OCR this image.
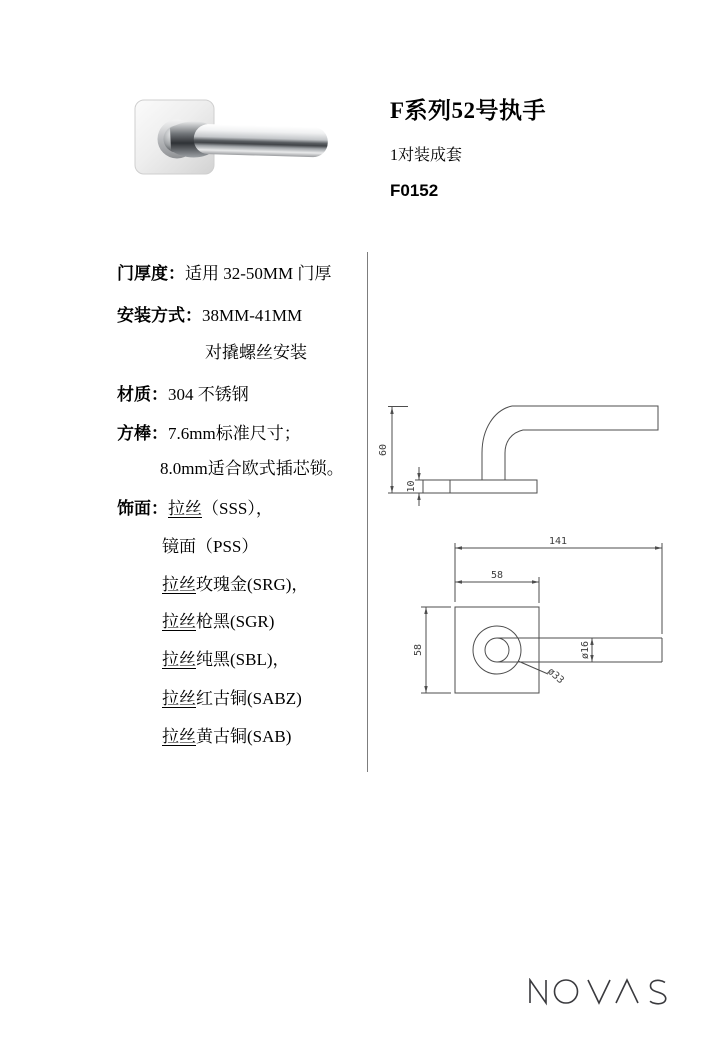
F系列52号执手
1对装成套
F0152
门厚度：适用 32-50MM 门厚
安装方式：38MM-41MM
对撬螺丝安装
材质：304 不锈钢
方棒：7.6mm标准尺寸；
8.0mm适合欧式插芯锁。
饰面：拉丝（SSS），
镜面（PSS）
拉丝玫瑰金(SRG)，
拉丝枪黑(SGR)
拉丝纯黑(SBL)，
拉丝红古铜(SABZ)
拉丝黄古铜(SAB)
60
10
141
58
58	ø16
ø33
